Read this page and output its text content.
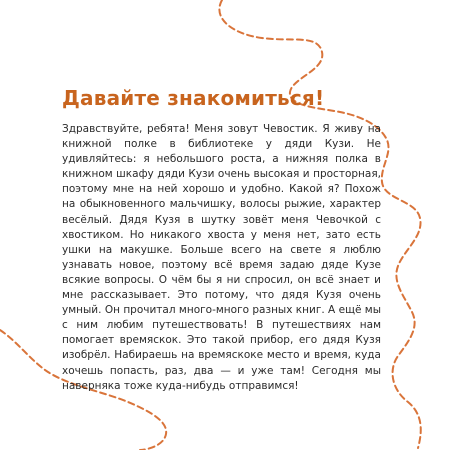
Давайте знакомиться!

Здравствуйте, ребята! Меня зовут Чевостик. Я живу на книжной полке в библиотеке у дяди Кузи. Не удивляйтесь: я небольшого роста, а нижняя полка в книжном шкафу дяди Кузи очень высокая и просторная, поэтому мне на ней хорошо и удобно. Какой я? Похож на обыкновенного мальчишку, волосы рыжие, характер весёлый. Дядя Кузя в шутку зовёт меня Чевочкой с хвостиком. Но никакого хвоста у меня нет, зато есть ушки на макушке. Больше всего на свете я люблю узнавать новое, поэтому всё время задаю дяде Кузе всякие вопросы. О чём бы я ни спросил, он всё знает и мне рассказывает. Это потому, что дядя Кузя очень умный. Он прочитал много-много разных книг. А ещё мы с ним любим путешествовать! В путешествиях нам помогает времяскок. Это такой прибор, его дядя Кузя изобрёл. Набираешь на времяскоке место и время, куда хочешь попасть, раз, два — и уже там! Сегодня мы наверняка тоже куда-нибудь отправимся!
